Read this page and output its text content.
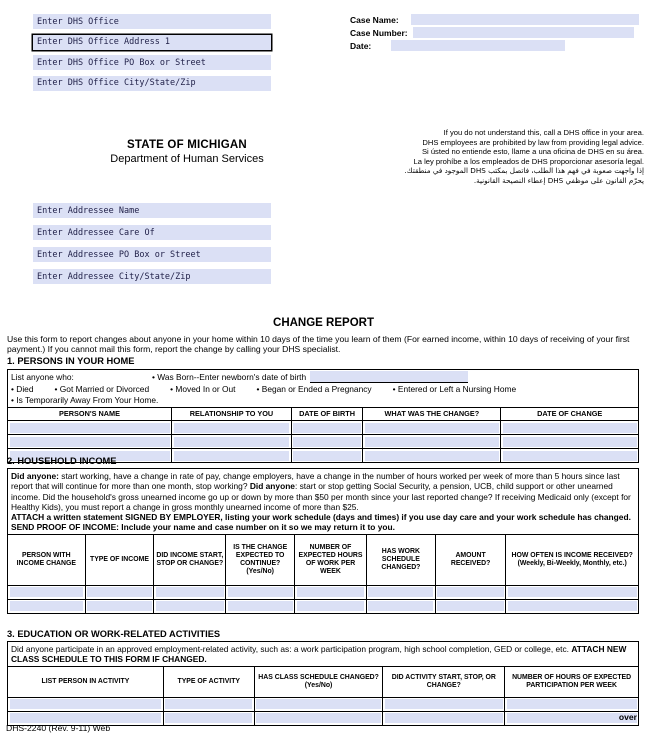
Enter DHS Office
Enter DHS Office Address 1
Enter DHS Office PO Box or Street
Enter DHS Office City/State/Zip
Case Name:
Case Number:
Date:
STATE OF MICHIGAN
Department of Human Services
If you do not understand this, call a DHS office in your area.
DHS employees are prohibited by law from providing legal advice.
Si ústed no entiende esto, llame a una oficina de DHS en su área.
La ley prohíbe a los empleados de DHS proporcionar asesoría legal.
إذا واجهت صعوبة في فهم هذا الطلب، فاتصل بمكتب DHS الموجود في منطقتك.
يحرّم القانون على موظفي DHS إعطاء النصيحة القانونية.
Enter Addressee Name
Enter Addressee Care Of
Enter Addressee PO Box or Street
Enter Addressee City/State/Zip
CHANGE REPORT
Use this form to report changes about anyone in your home within 10 days of the time you learn of them (For earned income, within 10 days of receiving of your first payment.) If you cannot mail this form, report the change by calling your DHS specialist.
1. PERSONS IN YOUR HOME
List anyone who:	• Was Born--Enter newborn's date of birth
• Died	• Got Married or Divorced	• Moved In or Out	• Began or Ended a Pregnancy	• Entered or Left a Nursing Home
• Is Temporarily Away From Your Home.
PERSON'S NAME	RELATIONSHIP TO YOU	DATE OF BIRTH	WHAT WAS THE CHANGE?	DATE OF CHANGE

2. HOUSEHOLD INCOME
Did anyone: start working, have a change in rate of pay, change employers, have a change in the number of hours worked per week of more than 5 hours since last report that will continue for more than one month, stop working? Did anyone: start or stop getting Social Security, a pension, UCB, child support or other unearned income. Did the household's gross unearned income go up or down by more than $50 per month since your last reported change? If receiving Medicaid only (except for Healthy Kids), you must report a change in gross monthly unearned income of more than $25.
ATTACH a written statement SIGNED BY EMPLOYER, listing your work schedule (days and times) if you use day care and your work schedule has changed.
SEND PROOF OF INCOME: Include your name and case number on it so we may return it to you.
PERSON WITH INCOME CHANGE	TYPE OF INCOME	DID INCOME START, STOP OR CHANGE?	IS THE CHANGE EXPECTED TO CONTINUE? (Yes/No)	NUMBER OF EXPECTED HOURS OF WORK PER WEEK	HAS WORK SCHEDULE CHANGED?	AMOUNT RECEIVED?	HOW OFTEN IS INCOME RECEIVED? (Weekly, Bi-Weekly, Monthly, etc.)

3. EDUCATION OR WORK-RELATED ACTIVITIES
Did anyone participate in an approved employment-related activity, such as: a work participation program, high school completion, GED or college, etc. ATTACH NEW CLASS SCHEDULE TO THIS FORM IF CHANGED.
LIST PERSON IN ACTIVITY	TYPE OF ACTIVITY	HAS CLASS SCHEDULE CHANGED? (Yes/No)	DID ACTIVITY START, STOP, OR CHANGE?	NUMBER OF HOURS OF EXPECTED PARTICIPATION PER WEEK

over
DHS-2240 (Rev. 9-11) Web
